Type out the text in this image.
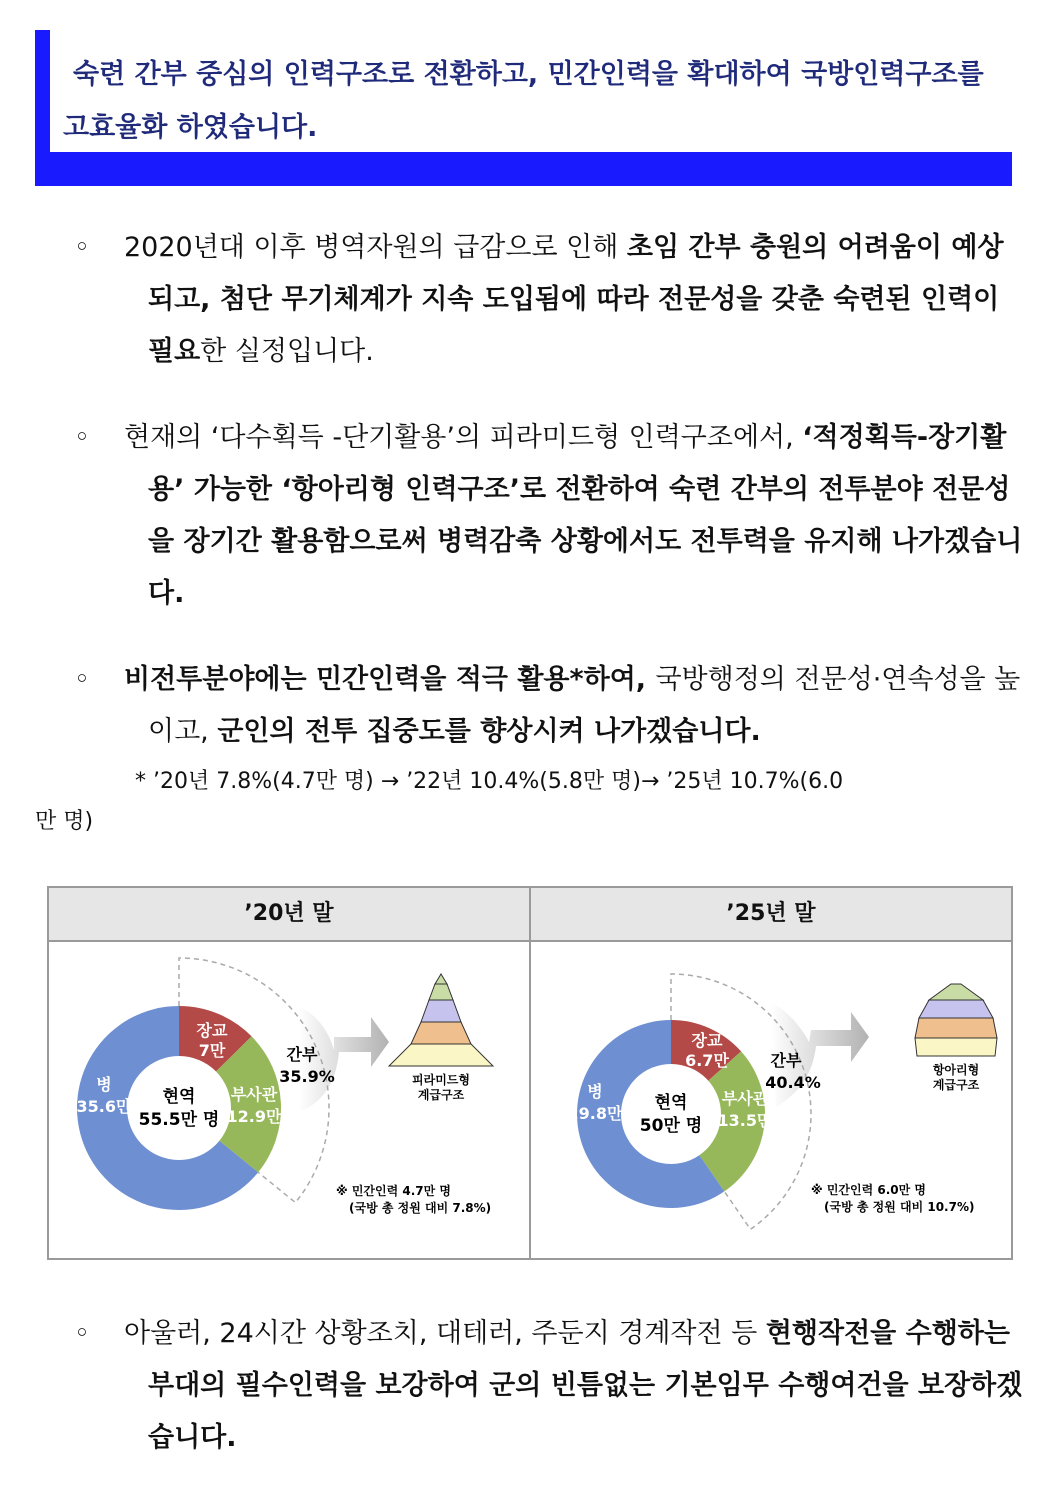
숙련 간부 중심의 인력구조로 전환하고, 민간인력을 확대하여 국방인력구조를 고효율화 하였습니다.
◦	2020년대 이후 병역자원의 급감으로 인해 초임 간부 충원의 어려움이 예상되고, 첨단 무기체계가 지속 도입됨에 따라 전문성을 갖춘 숙련된 인력이 필요한 실정입니다.
◦	현재의 ‘다수획득 -단기활용’의 피라미드형 인력구조에서, ‘적정획득-장기활용’ 가능한 ‘항아리형 인력구조’로 전환하여 숙련 간부의 전투분야 전문성을 장기간 활용함으로써 병력감축 상황에서도 전투력을 유지해 나가겠습니다.
◦	비전투분야에는 민간인력을 적극 활용*하여, 국방행정의 전문성·연속성을 높이고, 군인의 전투 집중도를 향상시켜 나가겠습니다.
* ’20년 7.8%(4.7만 명) → ’22년 10.4%(5.8만 명)→ ’25년 10.7%(6.0
만 명)
’20년 말	’25년 말
현역
55.5만 명
장교
7만
부사관
12.9만
병
35.6만
간부
35.9%	피라미드형
계급구조
※ 민간인력 4.7만 명
(국방 총 정원 대비 7.8%)
현역
50만 명
장교
6.7만
부사관
13.5만
병
29.8만
간부
40.4%
항아리형
계급구조
※ 민간인력 6.0만 명
(국방 총 정원 대비 10.7%)
◦	아울러, 24시간 상황조치, 대테러, 주둔지 경계작전 등 현행작전을 수행하는 부대의 필수인력을 보강하여 군의 빈틈없는 기본임무 수행여건을 보장하겠습니다.
